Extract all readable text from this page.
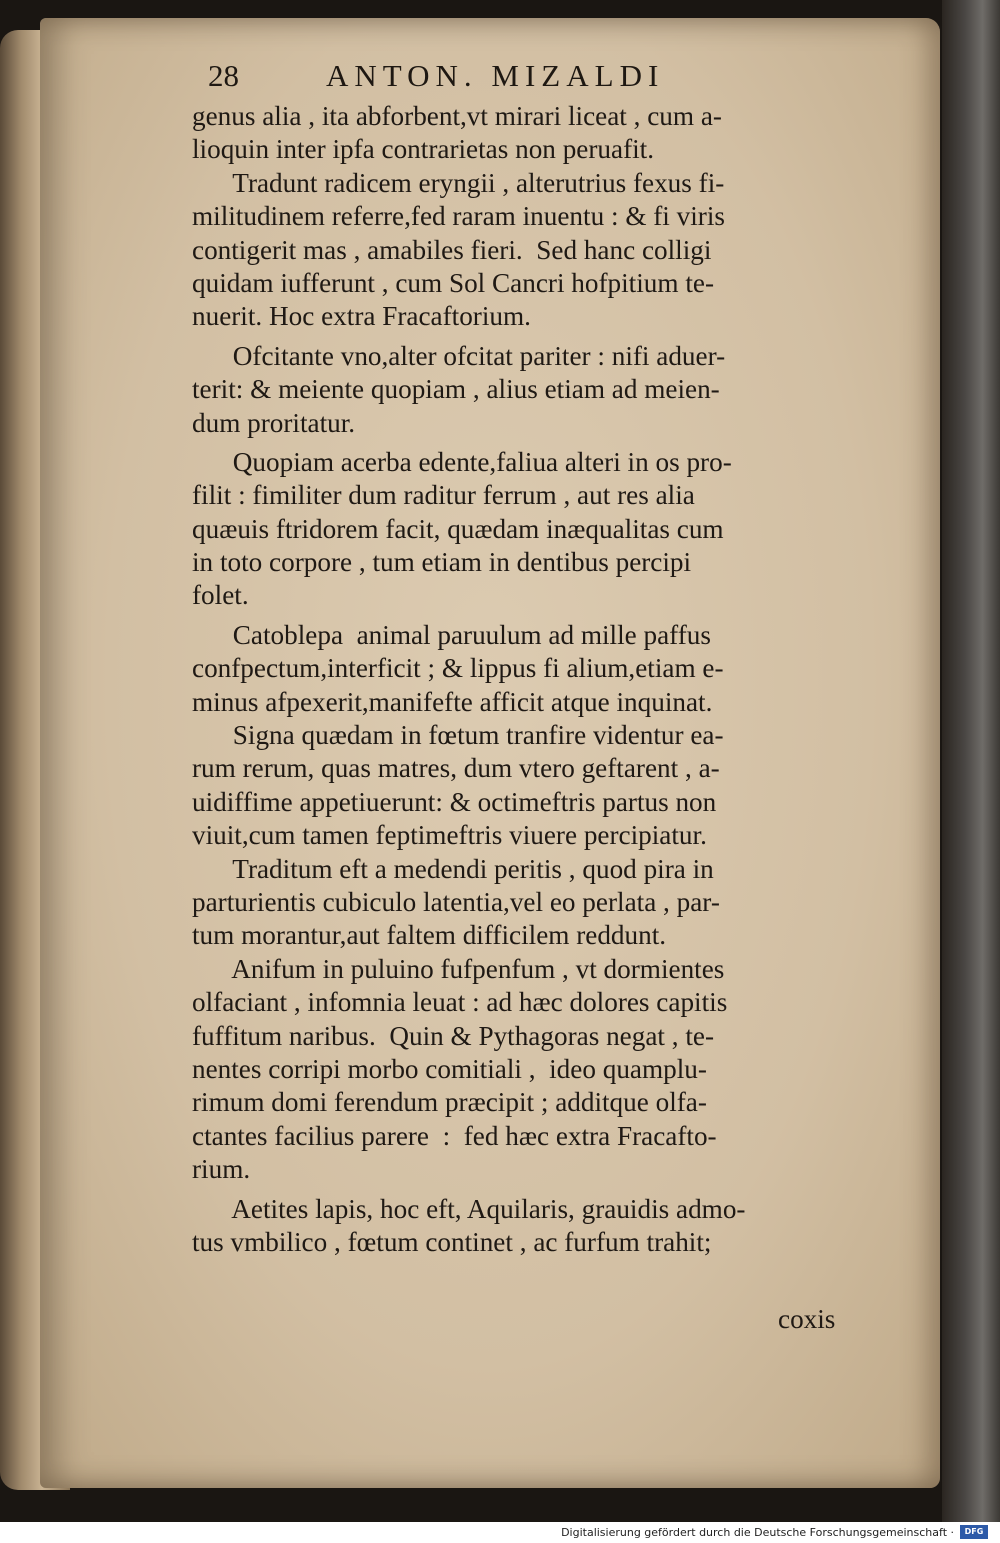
28	ANTON. MIZALDI
genus alia , ita abforbent,vt mirari liceat , cum a-
lioquin inter ipfa contrarietas non peruafit.
Tradunt radicem eryngii , alterutrius fexus fi-
militudinem referre,fed raram inuentu : & fi viris
contigerit mas , amabiles fieri.  Sed hanc colligi
quidam iufferunt , cum Sol Cancri hofpitium te-
nuerit. Hoc extra Fracaftorium.
Ofcitante vno,alter ofcitat pariter : nifi aduer-
terit: & meiente quopiam , alius etiam ad meien-
dum proritatur.
Quopiam acerba edente,faliua alteri in os pro-
filit : fimiliter dum raditur ferrum , aut res alia
quæuis ftridorem facit, quædam inæqualitas cum
in toto corpore , tum etiam in dentibus percipi
folet.
Catoblepa  animal paruulum ad mille paffus
confpectum,interficit ; & lippus fi alium,etiam e-
minus afpexerit,manifefte afficit atque inquinat.
Signa quædam in fœtum tranfire videntur ea-
rum rerum, quas matres, dum vtero geftarent , a-
uidiffime appetiuerunt: & octimeftris partus non
viuit,cum tamen feptimeftris viuere percipiatur.
Traditum eft a medendi peritis , quod pira in
parturientis cubiculo latentia,vel eo perlata , par-
tum morantur,aut faltem difficilem reddunt.
Anifum in puluino fufpenfum , vt dormientes
olfaciant , infomnia leuat : ad hæc dolores capitis
fuffitum naribus.  Quin & Pythagoras negat , te-
nentes corripi morbo comitiali ,  ideo quamplu-
rimum domi ferendum præcipit ; additque olfa-
ctantes facilius parere  :  fed hæc extra Fracafto-
rium.
Aetites lapis, hoc eft, Aquilaris, grauidis admo-
tus vmbilico , fœtum continet , ac furfum trahit;
coxis
Digitalisierung gefördert durch die Deutsche Forschungsgemeinschaft ·	DFG
